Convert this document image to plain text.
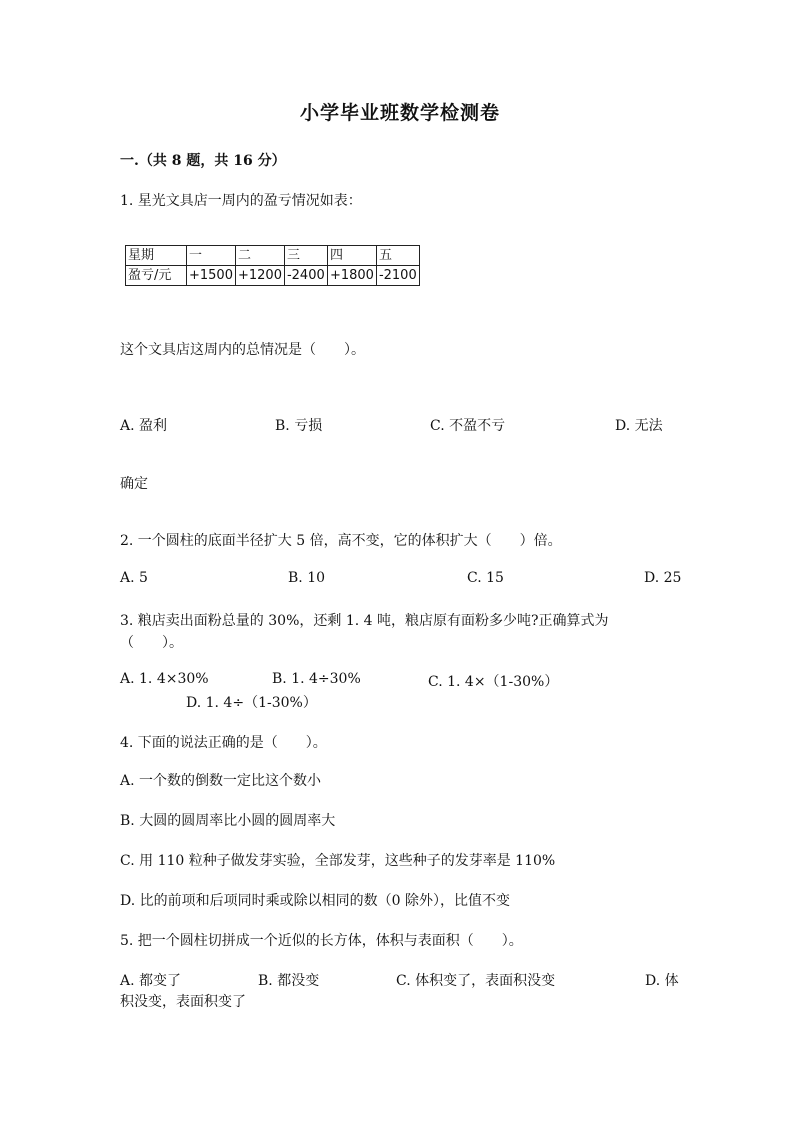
小学毕业班数学检测卷
一.（共 8 题，共 16 分）
1. 星光文具店一周内的盈亏情况如表：
星期	一	二	三	四	五
盈亏/元	+1500	+1200	-2400	+1800	-2100
这个文具店这周内的总情况是（　　）。
A. 盈利	B. 亏损	C. 不盈不亏	D. 无法
确定
2. 一个圆柱的底面半径扩大 5 倍，高不变，它的体积扩大（　　）倍。
A. 5	B. 10	C. 15	D. 25
3. 粮店卖出面粉总量的 30%，还剩 1. 4 吨，粮店原有面粉多少吨?正确算式为
（　　）。
A. 1. 4×30%	B. 1. 4÷30%	C. 1. 4×（1-30%）
D. 1. 4÷（1-30%）
4. 下面的说法正确的是（　　）。
A. 一个数的倒数一定比这个数小
B. 大圆的圆周率比小圆的圆周率大
C. 用 110 粒种子做发芽实验，全部发芽，这些种子的发芽率是 110%
D. 比的前项和后项同时乘或除以相同的数（0 除外），比值不变
5. 把一个圆柱切拼成一个近似的长方体，体积与表面积（　　）。
A. 都变了	B. 都没变	C. 体积变了，表面积没变	D. 体
积没变，表面积变了
